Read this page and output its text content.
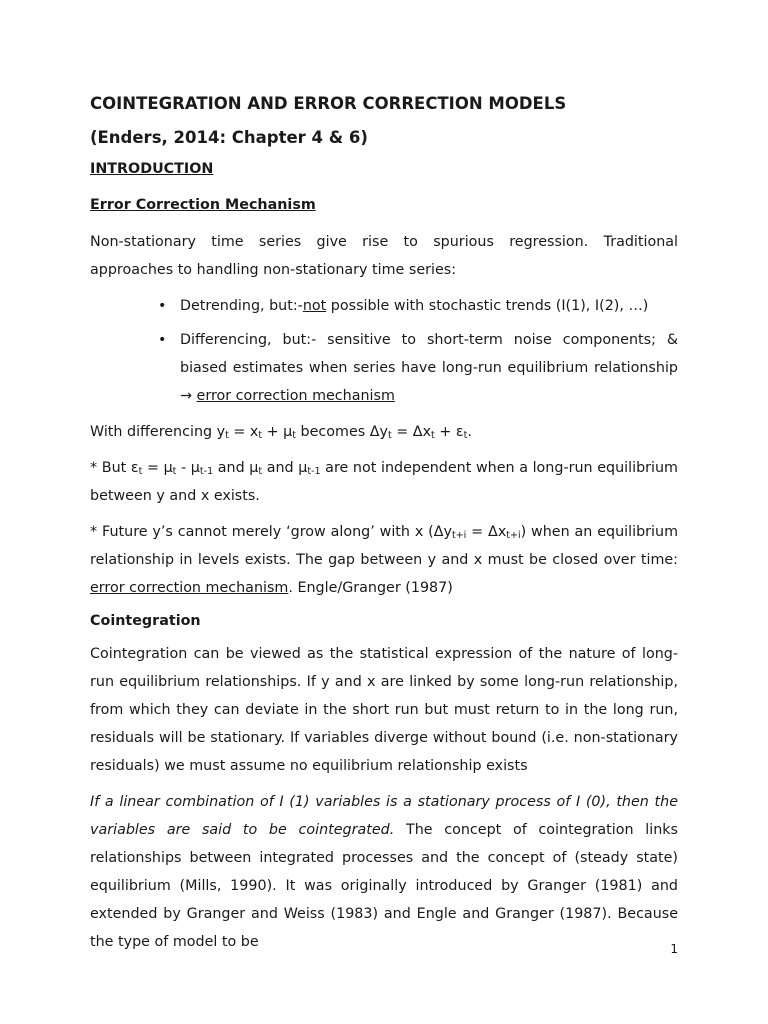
COINTEGRATION AND ERROR CORRECTION MODELS
(Enders, 2014: Chapter 4 & 6)
INTRODUCTION
Error Correction Mechanism

Non-stationary time series give rise to spurious regression. Traditional approaches to handling non-stationary time series:

• Detrending, but:-not possible with stochastic trends (I(1), I(2), …)
• Differencing, but:- sensitive to short-term noise components; & biased estimates when series have long-run equilibrium relationship → error correction mechanism

With differencing $y_t = x_t + \mu_t$ becomes $\Delta y_t = \Delta x_t + \varepsilon_t$.

* But $\varepsilon_t = \mu_t - \mu_{t-1}$ and $\mu_t$ and $\mu_{t-1}$ are not independent when a long-run equilibrium between y and x exists.

* Future y’s cannot merely ‘grow along’ with x $(\Delta y_{t+i} = \Delta x_{t+i})$ when an equilibrium relationship in levels exists. The gap between y and x must be closed over time: error correction mechanism. Engle/Granger (1987)

Cointegration

Cointegration can be viewed as the statistical expression of the nature of long-run equilibrium relationships. If y and x are linked by some long-run relationship, from which they can deviate in the short run but must return to in the long run, residuals will be stationary. If variables diverge without bound (i.e. non-stationary residuals) we must assume no equilibrium relationship exists

If a linear combination of I (1) variables is a stationary process of I (0), then the variables are said to be cointegrated. The concept of cointegration links relationships between integrated processes and the concept of (steady state) equilibrium (Mills, 1990). It was originally introduced by Granger (1981) and extended by Granger and Weiss (1983) and Engle and Granger (1987). Because the type of model to be	1
